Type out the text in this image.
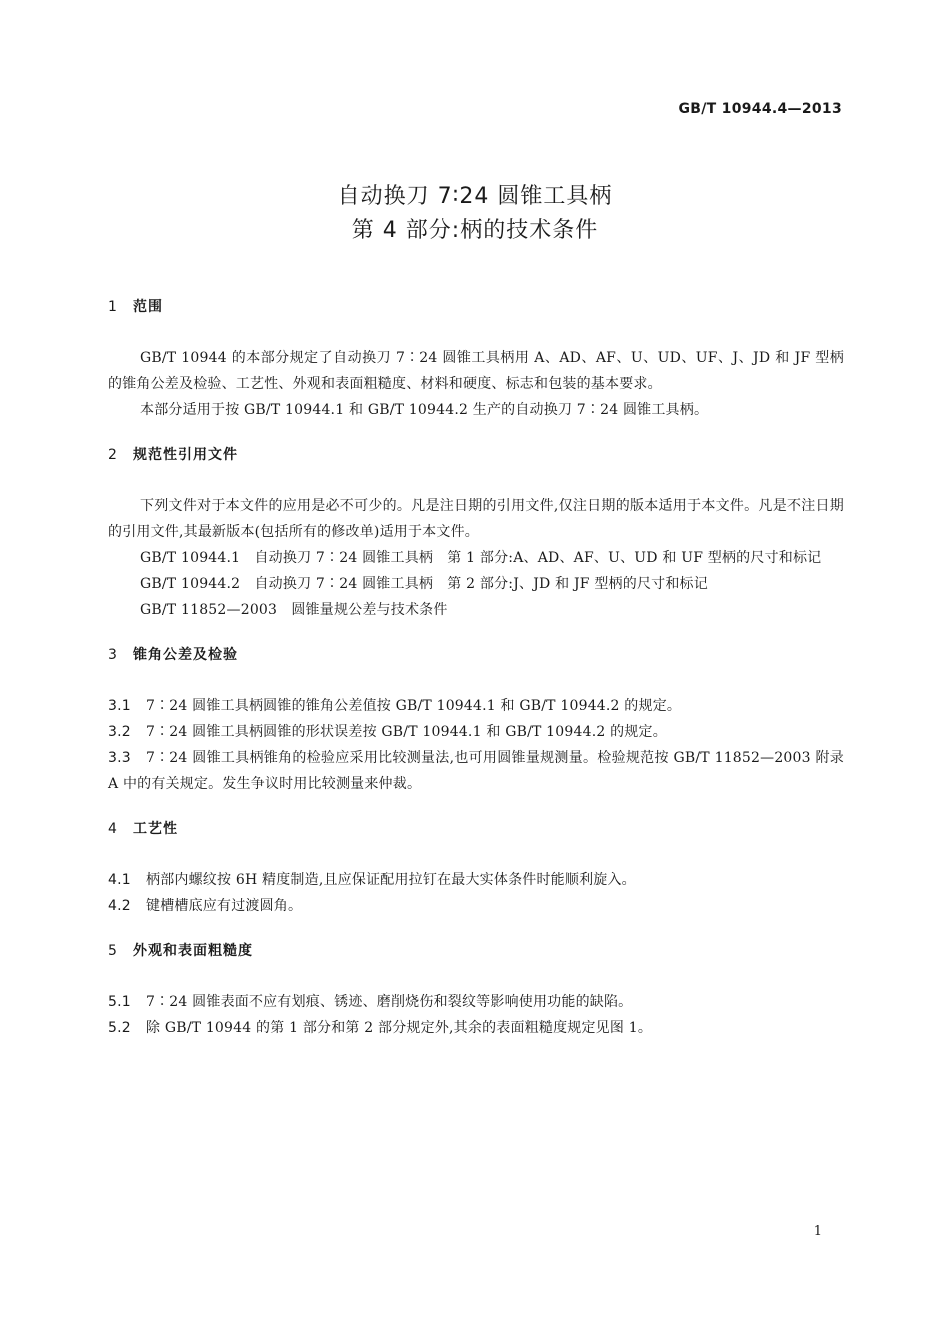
GB/T 10944.4—2013
自动换刀 7∶24 圆锥工具柄
第 4 部分:柄的技术条件
1 范围
GB/T 10944 的本部分规定了自动换刀 7∶24 圆锥工具柄用 A、AD、AF、U、UD、UF、J、JD 和 JF 型柄的锥角公差及检验、工艺性、外观和表面粗糙度、材料和硬度、标志和包装的基本要求。
本部分适用于按 GB/T 10944.1 和 GB/T 10944.2 生产的自动换刀 7∶24 圆锥工具柄。
2 规范性引用文件
下列文件对于本文件的应用是必不可少的。凡是注日期的引用文件,仅注日期的版本适用于本文件。凡是不注日期的引用文件,其最新版本(包括所有的修改单)适用于本文件。
GB/T 10944.1　自动换刀 7∶24 圆锥工具柄　第 1 部分:A、AD、AF、U、UD 和 UF 型柄的尺寸和标记
GB/T 10944.2　自动换刀 7∶24 圆锥工具柄　第 2 部分:J、JD 和 JF 型柄的尺寸和标记
GB/T 11852—2003　圆锥量规公差与技术条件
3 锥角公差及检验
3.1 7∶24 圆锥工具柄圆锥的锥角公差值按 GB/T 10944.1 和 GB/T 10944.2 的规定。
3.2 7∶24 圆锥工具柄圆锥的形状误差按 GB/T 10944.1 和 GB/T 10944.2 的规定。
3.3 7∶24 圆锥工具柄锥角的检验应采用比较测量法,也可用圆锥量规测量。检验规范按 GB/T 11852—2003 附录 A 中的有关规定。发生争议时用比较测量来仲裁。
4 工艺性
4.1 柄部内螺纹按 6H 精度制造,且应保证配用拉钉在最大实体条件时能顺利旋入。
4.2 键槽槽底应有过渡圆角。
5 外观和表面粗糙度
5.1 7∶24 圆锥表面不应有划痕、锈迹、磨削烧伤和裂纹等影响使用功能的缺陷。
5.2 除 GB/T 10944 的第 1 部分和第 2 部分规定外,其余的表面粗糙度规定见图 1。
1
